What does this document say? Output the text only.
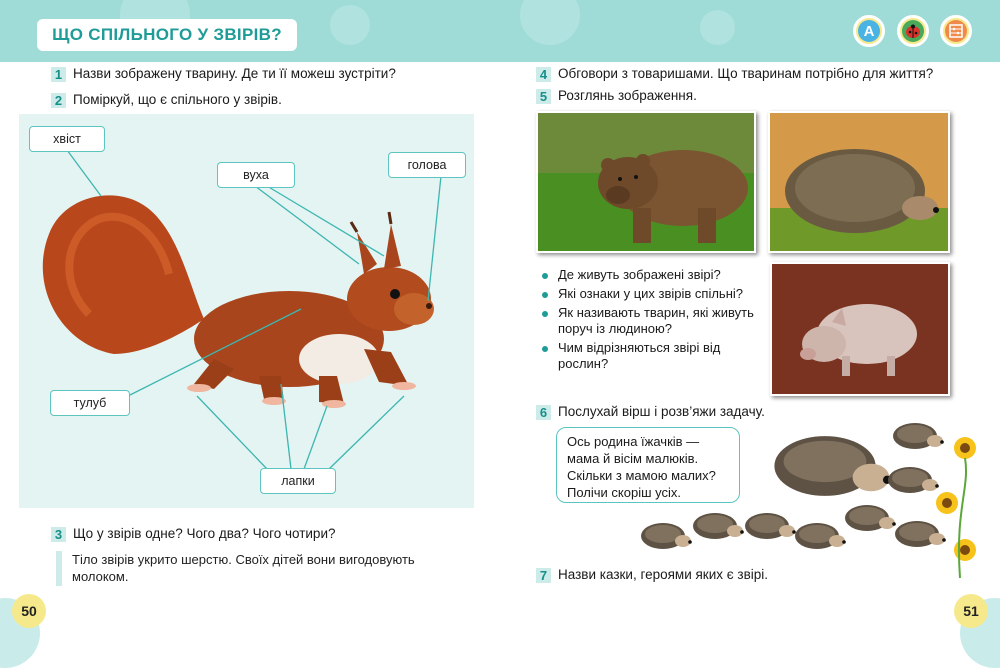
ЩО СПІЛЬНОГО У ЗВІРІВ?	A
1 Назви зображену тварину. Де ти її можеш зустріти?
2 Поміркуй, що є спільного у звірів.
хвіст
вуха
голова
тулуб
лапки
3 Що у звірів одне? Чого два? Чого чотири?
Тіло звірів укрито шерстю. Своїх дітей вони вигодовують молоком.
50
4 Обговори з товаришами. Що тваринам потрібно для життя?
5 Розглянь зображення.
Де живуть зображені звірі?
Які ознаки у цих звірів спільні?
Як називають тварин, які живуть поруч із людиною?
Чим відрізняються звірі від рослин?
6 Послухай вірш і розв’яжи задачу.
Ось родина їжачків —
мама й вісім малюків.
Скільки з мамою малих?
Полічи скоріш усіх.
7 Назви казки, героями яких є звірі.
51
